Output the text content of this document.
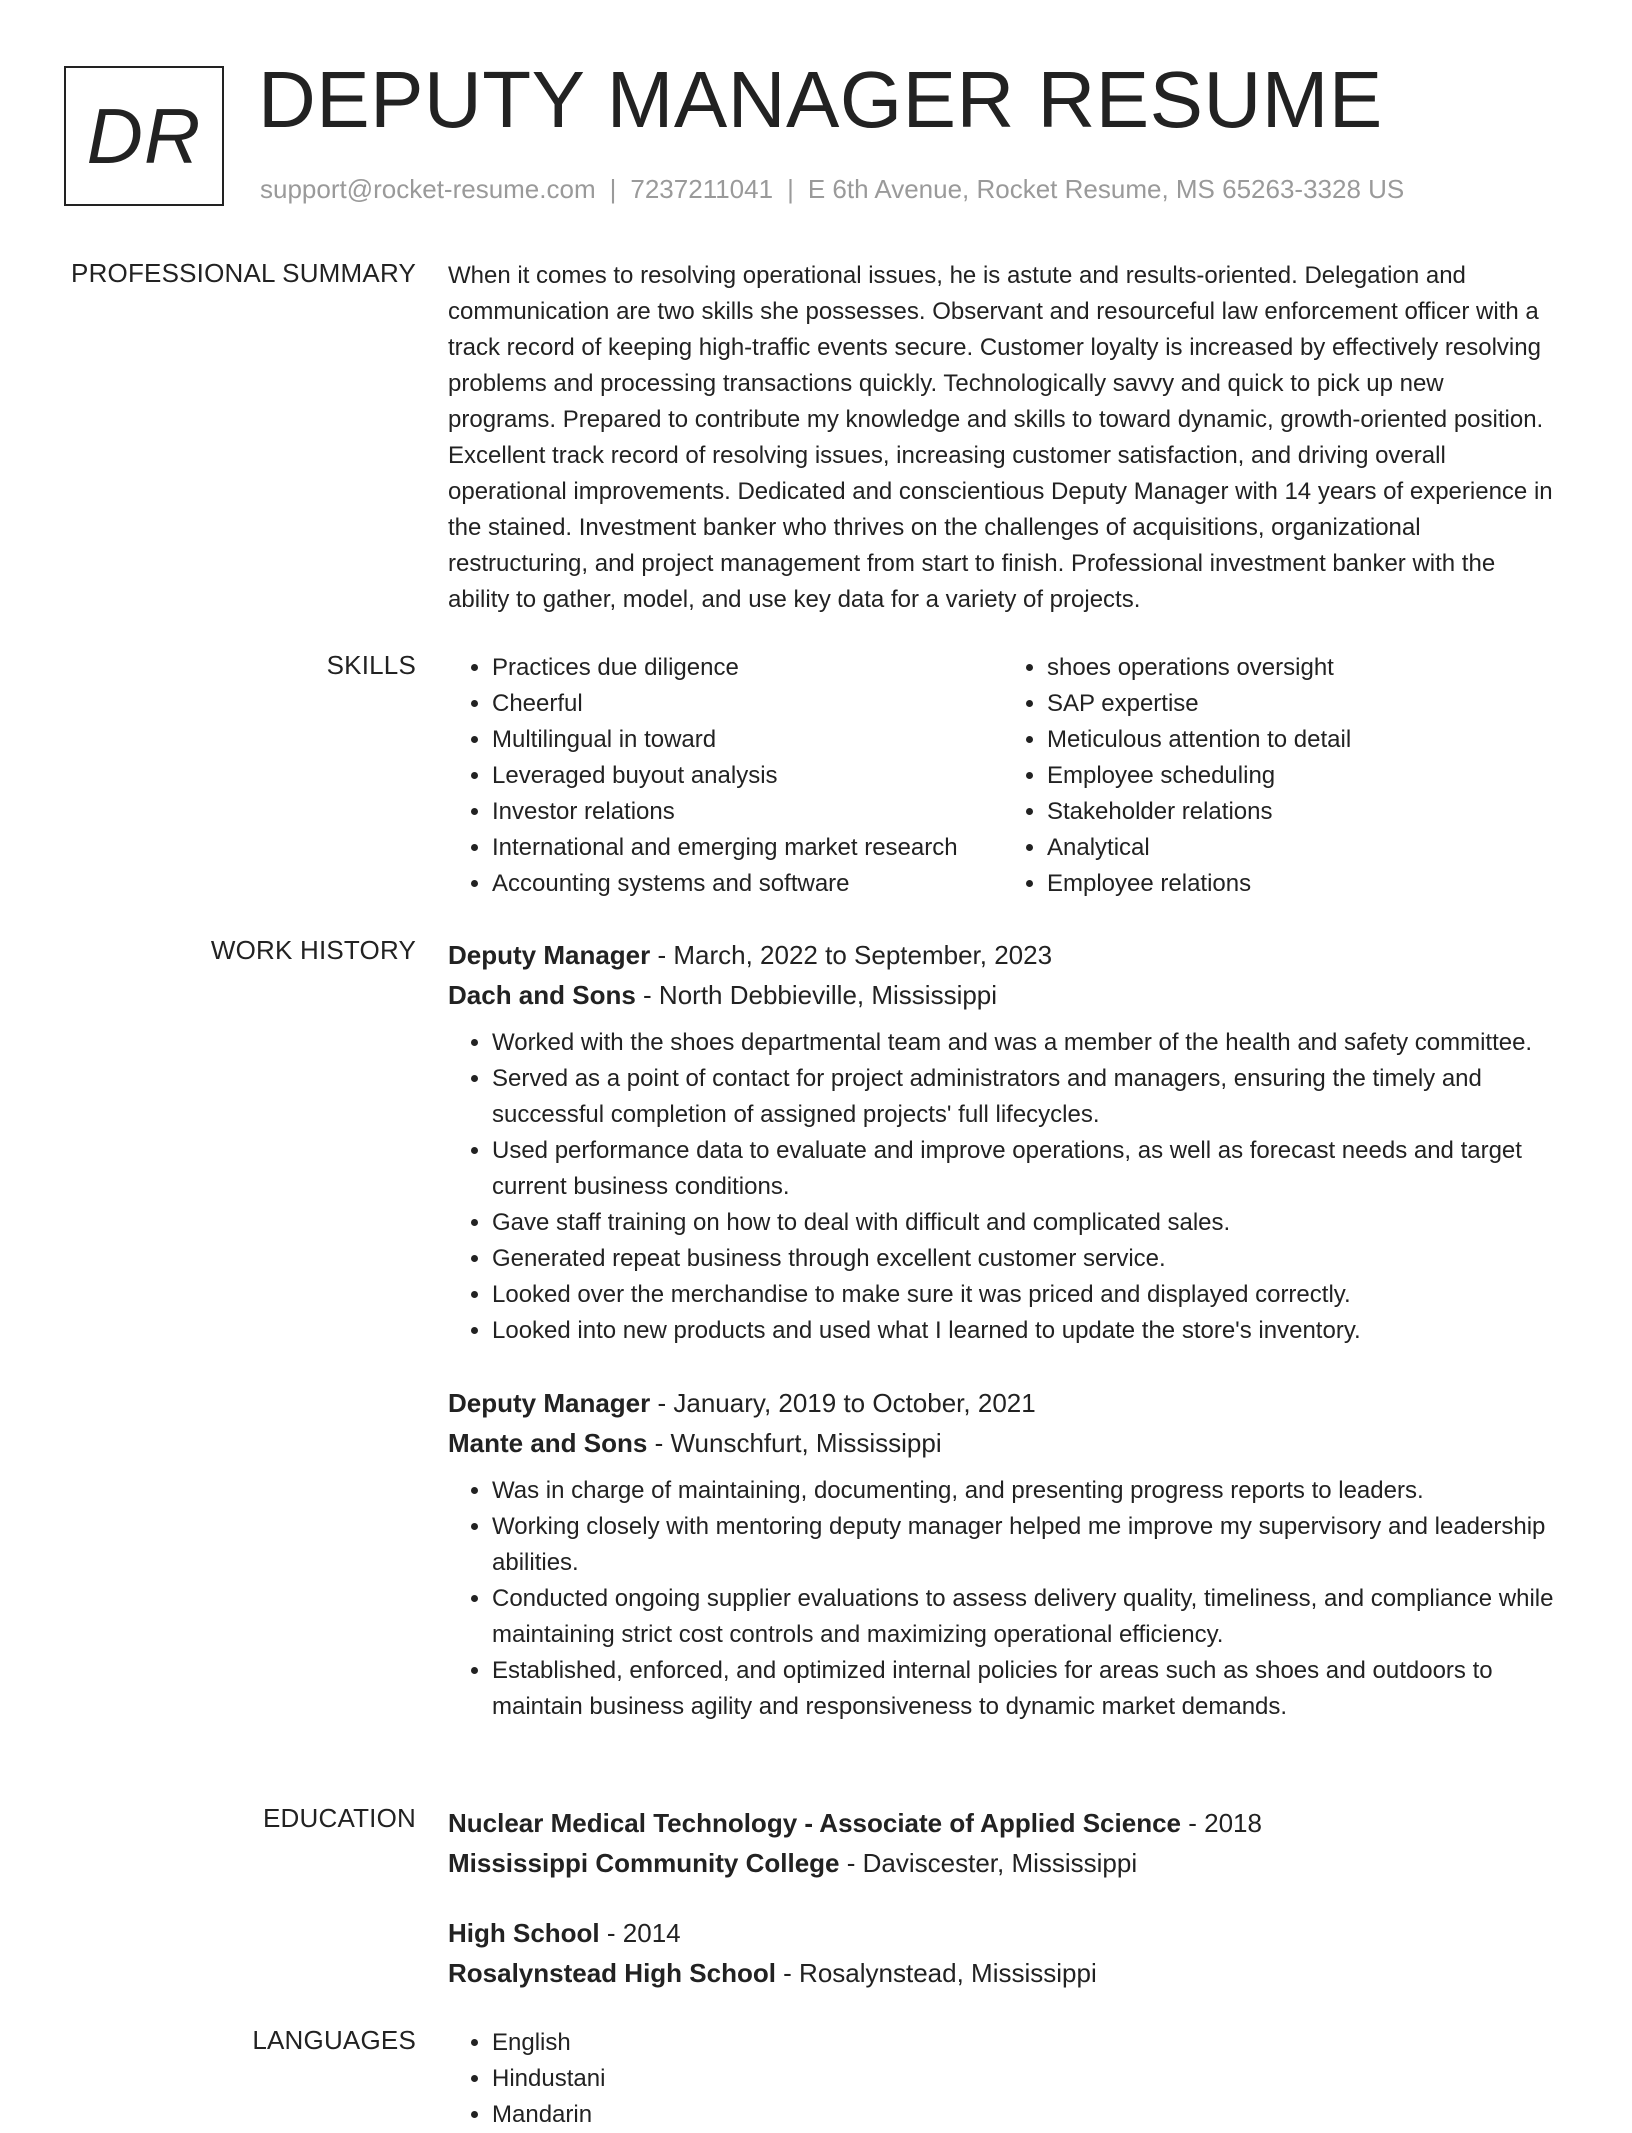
DR DEPUTY MANAGER RESUME
support@rocket-resume.com | 7237211041 | E 6th Avenue, Rocket Resume, MS 65263-3328 US
PROFESSIONAL SUMMARY When it comes to resolving operational issues, he is astute and results-oriented. Delegation and communication are two skills she possesses. Observant and resourceful law enforcement officer with a track record of keeping high-traffic events secure. Customer loyalty is increased by effectively resolving problems and processing transactions quickly. Technologically savvy and quick to pick up new programs. Prepared to contribute my knowledge and skills to toward dynamic, growth-oriented position. Excellent track record of resolving issues, increasing customer satisfaction, and driving overall operational improvements. Dedicated and conscientious Deputy Manager with 14 years of experience in the stained. Investment banker who thrives on the challenges of acquisitions, organizational restructuring, and project management from start to finish. Professional investment banker with the ability to gather, model, and use key data for a variety of projects.

SKILLS	• Practices due diligence
• Cheerful
• Multilingual in toward
• Leveraged buyout analysis
• Investor relations
• International and emerging market research
• Accounting systems and software
• shoes operations oversight
• SAP expertise
• Meticulous attention to detail
• Employee scheduling
• Stakeholder relations
• Analytical
• Employee relations
WORK HISTORY Deputy Manager - March, 2022 to September, 2023
Dach and Sons - North Debbieville, Mississippi
• Worked with the shoes departmental team and was a member of the health and safety committee.
• Served as a point of contact for project administrators and managers, ensuring the timely and successful completion of assigned projects' full lifecycles.
• Used performance data to evaluate and improve operations, as well as forecast needs and target current business conditions.
• Gave staff training on how to deal with difficult and complicated sales.
• Generated repeat business through excellent customer service.
• Looked over the merchandise to make sure it was priced and displayed correctly.
• Looked into new products and used what I learned to update the store's inventory.
Deputy Manager - January, 2019 to October, 2021
Mante and Sons - Wunschfurt, Mississippi
• Was in charge of maintaining, documenting, and presenting progress reports to leaders.
• Working closely with mentoring deputy manager helped me improve my supervisory and leadership abilities.
• Conducted ongoing supplier evaluations to assess delivery quality, timeliness, and compliance while maintaining strict cost controls and maximizing operational efficiency.
• Established, enforced, and optimized internal policies for areas such as shoes and outdoors to maintain business agility and responsiveness to dynamic market demands.
EDUCATION Nuclear Medical Technology - Associate of Applied Science - 2018
Mississippi Community College - Daviscester, Mississippi
High School - 2014
Rosalynstead High School - Rosalynstead, Mississippi
LANGUAGES	• English
• Hindustani
• Mandarin
